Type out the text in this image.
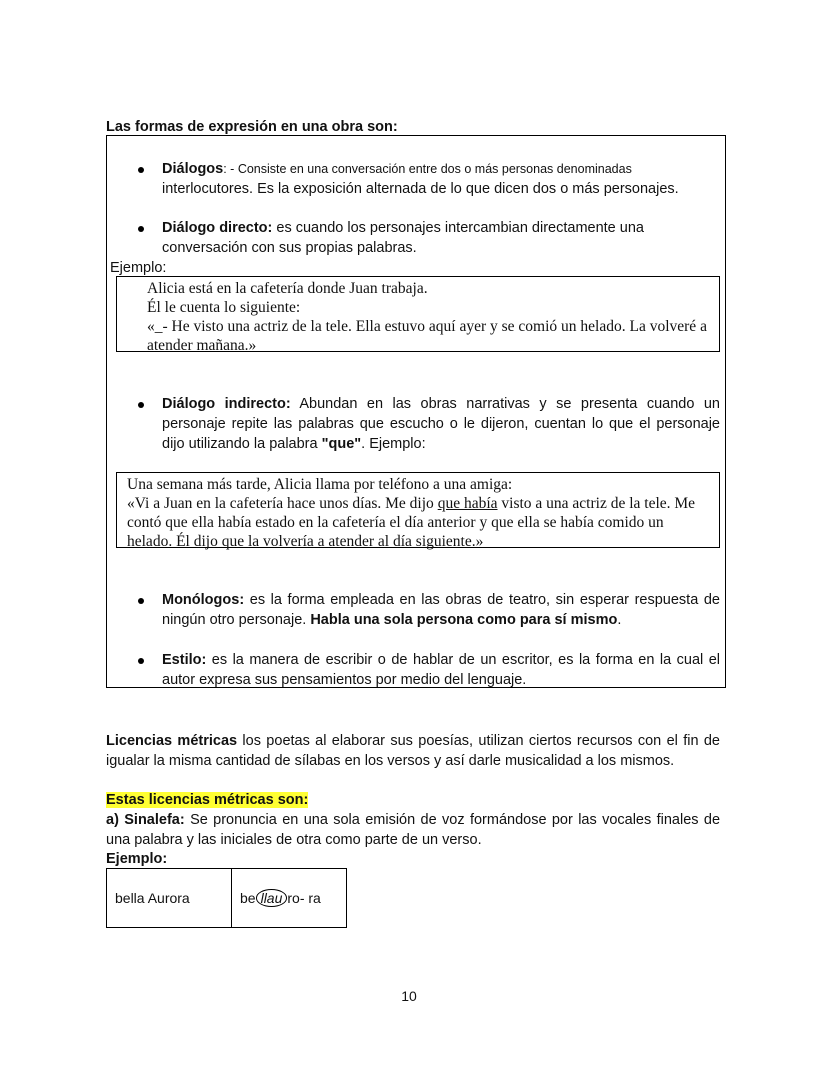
Las formas de expresión en una obra son:
Diálogos: - Consiste en una conversación entre dos o más personas denominadas
interlocutores. Es la exposición alternada de lo que dicen dos o más personajes.
Diálogo directo: es cuando los personajes intercambian directamente una conversación con sus propias palabras.
Ejemplo:
Alicia está en la cafetería donde Juan trabaja.
Él le cuenta lo siguiente:
«_- He visto una actriz de la tele. Ella estuvo aquí ayer y se comió un helado. La volveré a atender mañana.»
Diálogo indirecto: Abundan en las obras narrativas y se presenta cuando un personaje repite las palabras que escucho o le dijeron, cuentan lo que el personaje dijo utilizando la palabra "que". Ejemplo:
Una semana más tarde, Alicia llama por teléfono a una amiga:
«Vi a Juan en la cafetería hace unos días. Me dijo que había visto a una actriz de la tele. Me contó que ella había estado en la cafetería el día anterior y que ella se había comido un helado. Él dijo que la volvería a atender al día siguiente.»
Monólogos: es la forma empleada en las obras de teatro, sin esperar respuesta de ningún otro personaje. Habla una sola persona como para sí mismo.
Estilo: es la manera de escribir o de hablar de un escritor, es la forma en la cual el autor expresa sus pensamientos por medio del lenguaje.
Licencias métricas los poetas al elaborar sus poesías, utilizan ciertos recursos con el fin de igualar la misma cantidad de sílabas en los versos y así darle musicalidad a los mismos.
Estas licencias métricas son:
a) Sinalefa: Se pronuncia en una sola emisión de voz formándose por las vocales finales de una palabra y las iniciales de otra como parte de un verso.
Ejemplo:
bella Aurora	be llau ro- ra
10
